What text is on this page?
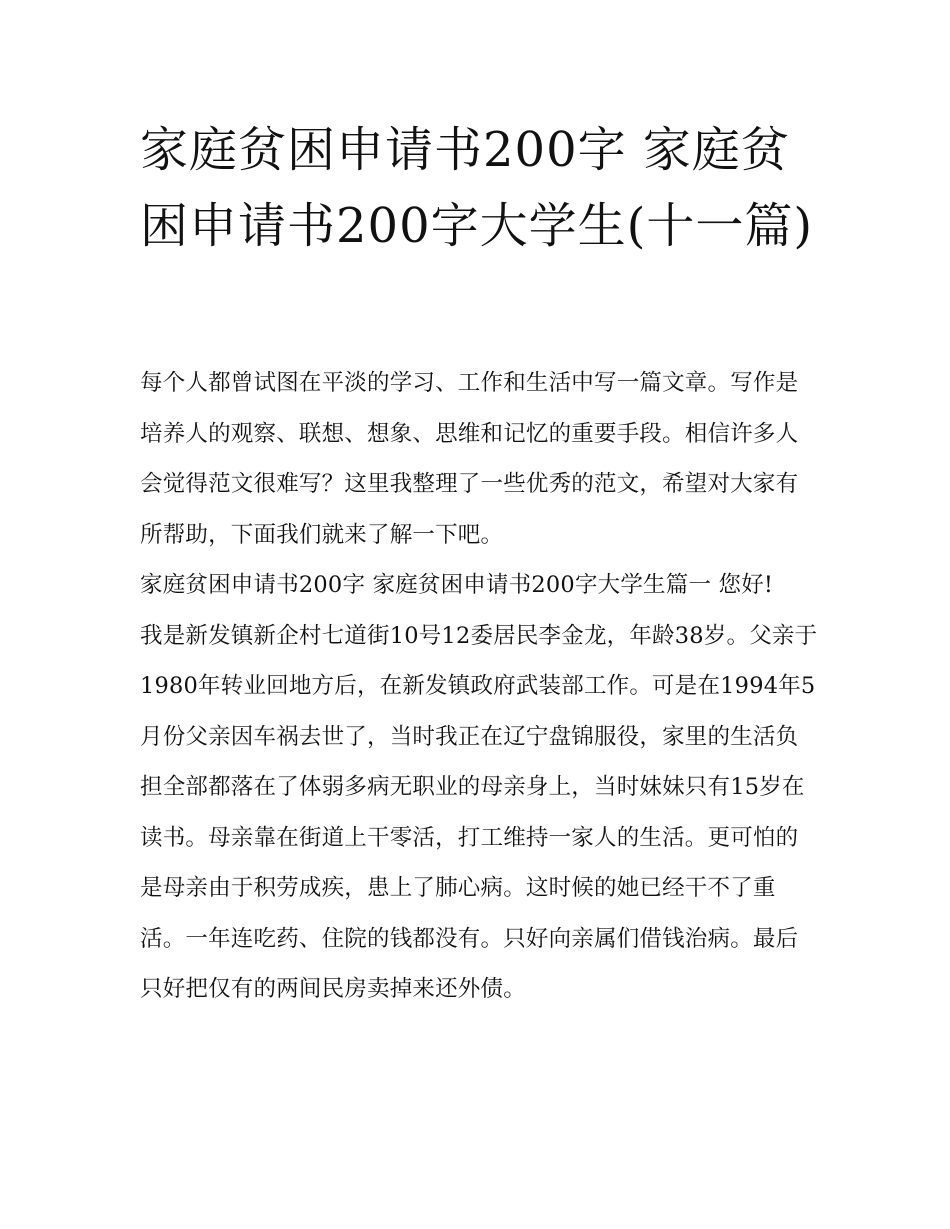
家庭贫困申请书200字 家庭贫困申请书200字大学生(十一篇)

每个人都曾试图在平淡的学习、工作和生活中写一篇文章。写作是培养人的观察、联想、想象、思维和记忆的重要手段。相信许多人会觉得范文很难写？这里我整理了一些优秀的范文，希望对大家有所帮助，下面我们就来了解一下吧。

家庭贫困申请书200字 家庭贫困申请书200字大学生篇一 您好!

我是新发镇新企村七道街10号12委居民李金龙，年龄38岁。父亲于1980年转业回地方后，在新发镇政府武装部工作。可是在1994年5月份父亲因车祸去世了，当时我正在辽宁盘锦服役，家里的生活负担全部都落在了体弱多病无职业的母亲身上，当时妹妹只有15岁在读书。母亲靠在街道上干零活，打工维持一家人的生活。更可怕的是母亲由于积劳成疾，患上了肺心病。这时候的她已经干不了重活。一年连吃药、住院的钱都没有。只好向亲属们借钱治病。最后只好把仅有的两间民房卖掉来还外债。
